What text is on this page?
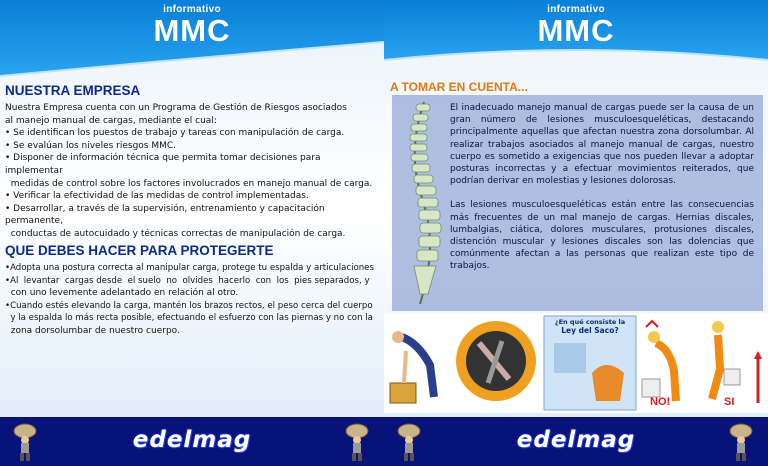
informativo
MMC
NUESTRA EMPRESA

Nuestra Empresa cuenta con un Programa de Gestión de Riesgos asociados

al manejo manual de cargas, mediante el cual:

• Se identifican los puestos de trabajo y tareas con manipulación de carga.

• Se evalúan los niveles riesgos MMC.

• Disponer de información técnica que permita tomar decisiones para implementar

medidas de control sobre los factores involucrados en manejo manual de carga.

• Verificar la efectividad de las medidas de control implementadas.

• Desarrollar, a través de la supervisión, entrenamiento y capacitación permanente,

conductas de autocuidado y técnicas correctas de manipulación de carga.

QUE DEBES HACER PARA PROTEGERTE

•Adopta una postura correcta al manipular carga, protege tu espalda y articulaciones

•Al  levantar  cargas desde  el suelo  no  olvides  hacerlo  con  los  pies separados, y

con uno levemente adelantado en relación al otro.

•Cuando estés elevando la carga, mantén los brazos rectos, el peso cerca del cuerpo

y la espalda lo más recta posible, efectuando el esfuerzo con las piernas y no con la

zona dorsolumbar de nuestro cuerpo.

edelmag
informativo
MMC
A TOMAR EN CUENTA...

El inadecuado manejo manual de cargas puede ser la causa de un gran número de lesiones musculoesqueléticas, destacando principalmente aquellas que afectan nuestra zona dorsolumbar. Al realizar trabajos asociados al manejo manual de cargas, nuestro cuerpo es sometido a exigencias que nos pueden llevar a adoptar posturas incorrectas y a efectuar movimientos reiterados, que podrían derivar en molestias y lesiones dolorosas.

Las lesiones musculoesqueléticas están entre las consecuencias más frecuentes de un mal manejo de cargas. Hernias discales, lumbalgias, ciática, dolores musculares, protusiones discales, distención muscular y lesiones discales son las dolencias que comúnmente afectan a las personas que realizan este tipo de trabajos.

¿En qué consiste la
Ley del Saco?
NO!	SI
edelmag
